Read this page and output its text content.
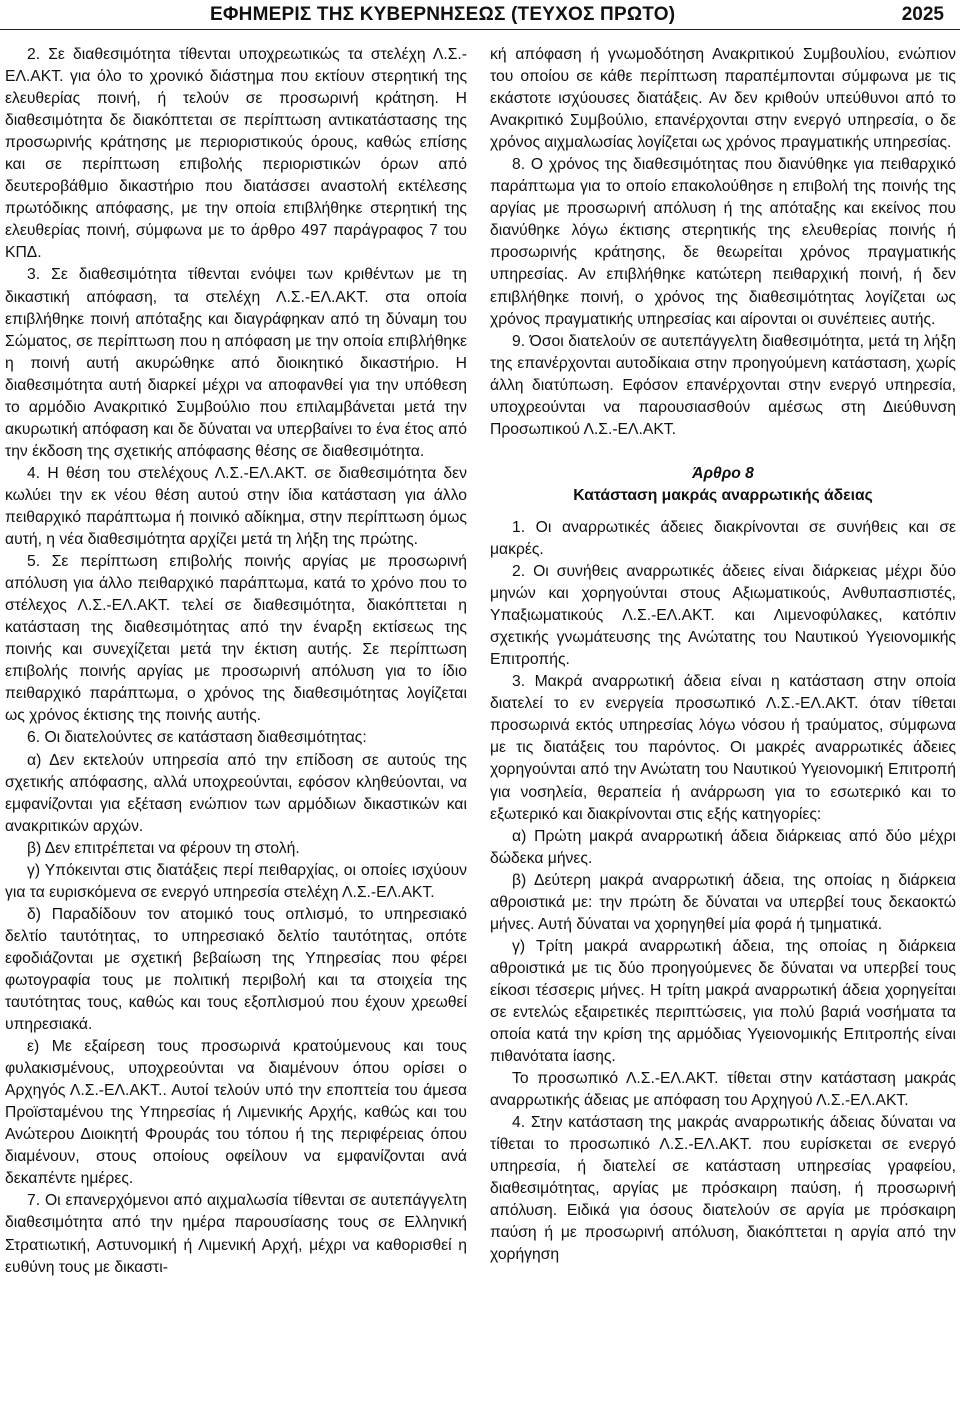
ΕΦΗΜΕΡΙΣ ΤΗΣ ΚΥΒΕΡΝΗΣΕΩΣ (ΤΕΥΧΟΣ ΠΡΩΤΟ)	2025

2. Σε διαθεσιμότητα τίθενται υποχρεωτικώς τα στελέχη Λ.Σ.-ΕΛ.ΑΚΤ. για όλο το χρονικό διάστημα που εκτίουν στερητική της ελευθερίας ποινή, ή τελούν σε προσωρινή κράτηση. Η διαθεσιμότητα δε διακόπτεται σε περίπτωση αντικατάστασης της προσωρινής κράτησης με περιοριστικούς όρους, καθώς επίσης και σε περίπτωση επιβολής περιοριστικών όρων από δευτεροβάθμιο δικαστήριο που διατάσσει αναστολή εκτέλεσης πρωτόδικης απόφασης, με την οποία επιβλήθηκε στερητική της ελευθερίας ποινή, σύμφωνα με το άρθρο 497 παράγραφος 7 του ΚΠΔ.

3. Σε διαθεσιμότητα τίθενται ενόψει των κριθέντων με τη δικαστική απόφαση, τα στελέχη Λ.Σ.-ΕΛ.ΑΚΤ. στα οποία επιβλήθηκε ποινή απόταξης και διαγράφηκαν από τη δύναμη του Σώματος, σε περίπτωση που η απόφαση με την οποία επιβλήθηκε η ποινή αυτή ακυρώθηκε από διοικητικό δικαστήριο. Η διαθεσιμότητα αυτή διαρκεί μέχρι να αποφανθεί για την υπόθεση το αρμόδιο Ανακριτικό Συμβούλιο που επιλαμβάνεται μετά την ακυρωτική απόφαση και δε δύναται να υπερβαίνει το ένα έτος από την έκδοση της σχετικής απόφασης θέσης σε διαθεσιμότητα.

4. Η θέση του στελέχους Λ.Σ.-ΕΛ.ΑΚΤ. σε διαθεσιμότητα δεν κωλύει την εκ νέου θέση αυτού στην ίδια κατάσταση για άλλο πειθαρχικό παράπτωμα ή ποινικό αδίκημα, στην περίπτωση όμως αυτή, η νέα διαθεσιμότητα αρχίζει μετά τη λήξη της πρώτης.

5. Σε περίπτωση επιβολής ποινής αργίας με προσωρινή απόλυση για άλλο πειθαρχικό παράπτωμα, κατά το χρόνο που το στέλεχος Λ.Σ.-ΕΛ.ΑΚΤ. τελεί σε διαθεσιμότητα, διακόπτεται η κατάσταση της διαθεσιμότητας από την έναρξη εκτίσεως της ποινής και συνεχίζεται μετά την έκτιση αυτής. Σε περίπτωση επιβολής ποινής αργίας με προσωρινή απόλυση για το ίδιο πειθαρχικό παράπτωμα, ο χρόνος της διαθεσιμότητας λογίζεται ως χρόνος έκτισης της ποινής αυτής.

6. Οι διατελούντες σε κατάσταση διαθεσιμότητας:

α) Δεν εκτελούν υπηρεσία από την επίδοση σε αυτούς της σχετικής απόφασης, αλλά υποχρεούνται, εφόσον κληθεύονται, να εμφανίζονται για εξέταση ενώπιον των αρμόδιων δικαστικών και ανακριτικών αρχών.

β) Δεν επιτρέπεται να φέρουν τη στολή.

γ) Υπόκεινται στις διατάξεις περί πειθαρχίας, οι οποίες ισχύουν για τα ευρισκόμενα σε ενεργό υπηρεσία στελέχη Λ.Σ.-ΕΛ.ΑΚΤ.

δ) Παραδίδουν τον ατομικό τους οπλισμό, το υπηρεσιακό δελτίο ταυτότητας, το υπηρεσιακό δελτίο ταυτότητας, οπότε εφοδιάζονται με σχετική βεβαίωση της Υπηρεσίας που φέρει φωτογραφία τους με πολιτική περιβολή και τα στοιχεία της ταυτότητας τους, καθώς και τους εξοπλισμού που έχουν χρεωθεί υπηρεσιακά.

ε) Με εξαίρεση τους προσωρινά κρατούμενους και τους φυλακισμένους, υποχρεούνται να διαμένουν όπου ορίσει ο Αρχηγός Λ.Σ.-ΕΛ.ΑΚΤ.. Αυτοί τελούν υπό την εποπτεία του άμεσα Προϊσταμένου της Υπηρεσίας ή Λιμενικής Αρχής, καθώς και του Ανώτερου Διοικητή Φρουράς του τόπου ή της περιφέρειας όπου διαμένουν, στους οποίους οφείλουν να εμφανίζονται ανά δεκαπέντε ημέρες.

7. Οι επανερχόμενοι από αιχμαλωσία τίθενται σε αυτεπάγγελτη διαθεσιμότητα από την ημέρα παρουσίασης τους σε Ελληνική Στρατιωτική, Αστυνομική ή Λιμενική Αρχή, μέχρι να καθορισθεί η ευθύνη τους με δικαστι-

κή απόφαση ή γνωμοδότηση Ανακριτικού Συμβουλίου, ενώπιον του οποίου σε κάθε περίπτωση παραπέμπονται σύμφωνα με τις εκάστοτε ισχύουσες διατάξεις. Αν δεν κριθούν υπεύθυνοι από το Ανακριτικό Συμβούλιο, επανέρχονται στην ενεργό υπηρεσία, ο δε χρόνος αιχμαλωσίας λογίζεται ως χρόνος πραγματικής υπηρεσίας.

8. Ο χρόνος της διαθεσιμότητας που διανύθηκε για πειθαρχικό παράπτωμα για το οποίο επακολούθησε η επιβολή της ποινής της αργίας με προσωρινή απόλυση ή της απόταξης και εκείνος που διανύθηκε λόγω έκτισης στερητικής της ελευθερίας ποινής ή προσωρινής κράτησης, δε θεωρείται χρόνος πραγματικής υπηρεσίας. Αν επιβλήθηκε κατώτερη πειθαρχική ποινή, ή δεν επιβλήθηκε ποινή, ο χρόνος της διαθεσιμότητας λογίζεται ως χρόνος πραγματικής υπηρεσίας και αίρονται οι συνέπειες αυτής.

9. Όσοι διατελούν σε αυτεπάγγελτη διαθεσιμότητα, μετά τη λήξη της επανέρχονται αυτοδίκαια στην προηγούμενη κατάσταση, χωρίς άλλη διατύπωση. Εφόσον επανέρχονται στην ενεργό υπηρεσία, υποχρεούνται να παρουσιασθούν αμέσως στη Διεύθυνση Προσωπικού Λ.Σ.-ΕΛ.ΑΚΤ.

Άρθρο 8

Κατάσταση μακράς αναρρωτικής άδειας

1. Οι αναρρωτικές άδειες διακρίνονται σε συνήθεις και σε μακρές.

2. Οι συνήθεις αναρρωτικές άδειες είναι διάρκειας μέχρι δύο μηνών και χορηγούνται στους Αξιωματικούς, Ανθυπασπιστές, Υπαξιωματικούς Λ.Σ.-ΕΛ.ΑΚΤ. και Λιμενοφύλακες, κατόπιν σχετικής γνωμάτευσης της Ανώτατης του Ναυτικού Υγειονομικής Επιτροπής.

3. Μακρά αναρρωτική άδεια είναι η κατάσταση στην οποία διατελεί το εν ενεργεία προσωπικό Λ.Σ.-ΕΛ.ΑΚΤ. όταν τίθεται προσωρινά εκτός υπηρεσίας λόγω νόσου ή τραύματος, σύμφωνα με τις διατάξεις του παρόντος. Οι μακρές αναρρωτικές άδειες χορηγούνται από την Ανώτατη του Ναυτικού Υγειονομική Επιτροπή για νοσηλεία, θεραπεία ή ανάρρωση για το εσωτερικό και το εξωτερικό και διακρίνονται στις εξής κατηγορίες:

α) Πρώτη μακρά αναρρωτική άδεια διάρκειας από δύο μέχρι δώδεκα μήνες.

β) Δεύτερη μακρά αναρρωτική άδεια, της οποίας η διάρκεια αθροιστικά με: την πρώτη δε δύναται να υπερβεί τους δεκαοκτώ μήνες. Αυτή δύναται να χορηγηθεί μία φορά ή τμηματικά.

γ) Τρίτη μακρά αναρρωτική άδεια, της οποίας η διάρκεια αθροιστικά με τις δύο προηγούμενες δε δύναται να υπερβεί τους είκοσι τέσσερις μήνες. Η τρίτη μακρά αναρρωτική άδεια χορηγείται σε εντελώς εξαιρετικές περιπτώσεις, για πολύ βαριά νοσήματα τα οποία κατά την κρίση της αρμόδιας Υγειονομικής Επιτροπής είναι πιθανότατα ίασης.

Το προσωπικό Λ.Σ.-ΕΛ.ΑΚΤ. τίθεται στην κατάσταση μακράς αναρρωτικής άδειας με απόφαση του Αρχηγού Λ.Σ.-ΕΛ.ΑΚΤ.

4. Στην κατάσταση της μακράς αναρρωτικής άδειας δύναται να τίθεται το προσωπικό Λ.Σ.-ΕΛ.ΑΚΤ. που ευρίσκεται σε ενεργό υπηρεσία, ή διατελεί σε κατάσταση υπηρεσίας γραφείου, διαθεσιμότητας, αργίας με πρόσκαιρη παύση, ή προσωρινή απόλυση. Ειδικά για όσους διατελούν σε αργία με πρόσκαιρη παύση ή με προσωρινή απόλυση, διακόπτεται η αργία από την χορήγηση
